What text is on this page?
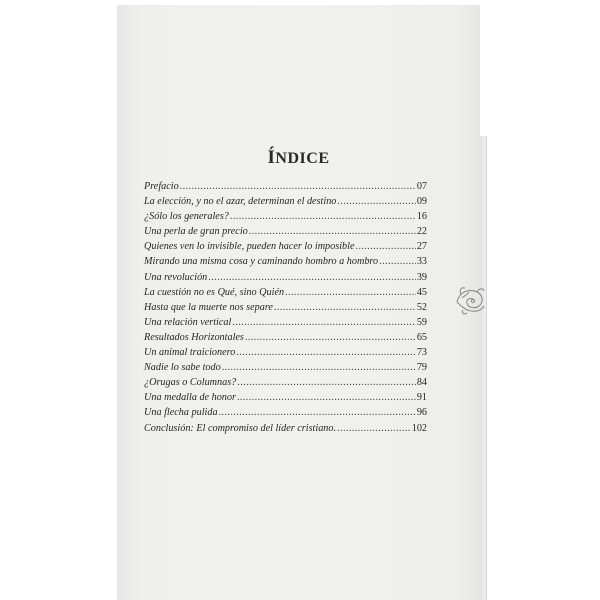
ÍNDICE
Prefacio .....	07
La elección, y no el azar, determinan el destino .....	09
¿Sólo los generales? .....	16
Una perla de gran precio .....	22
Quienes ven lo invisible, pueden hacer lo imposible .....	27
Mirando una misma cosa y caminando hombro a hombro .....	33
Una revolución .....	39
La cuestión no es Qué, sino Quién .....	45
Hasta que la muerte nos separe .....	52
Una relación vertical .....	59
Resultados Horizontales .....	65
Un animal traicionero .....	73
Nadie lo sabe todo .....	79
¿Orugas o Columnas? .....	84
Una medalla de honor .....	91
Una flecha pulida .....	96
Conclusión: El compromiso del líder cristiano. .....	102
